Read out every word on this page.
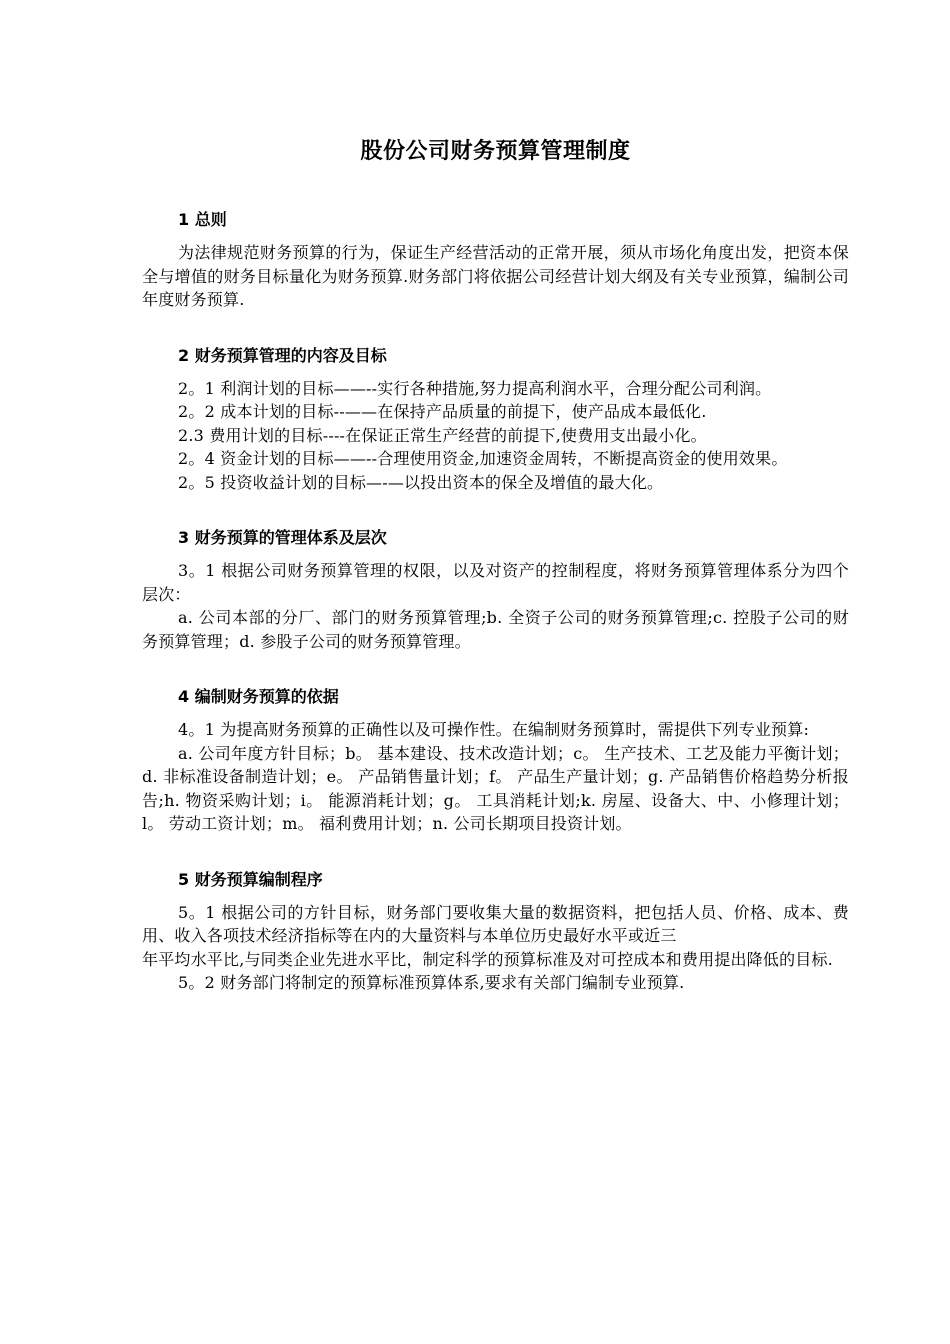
股份公司财务预算管理制度
1 总则

为法律规范财务预算的行为，保证生产经营活动的正常开展，须从市场化角度出发，把资本保全与增值的财务目标量化为财务预算.财务部门将依据公司经营计划大纲及有关专业预算，编制公司年度财务预算.

2 财务预算管理的内容及目标

2。1 利润计划的目标——--实行各种措施,努力提高利润水平，合理分配公司利润。

2。2 成本计划的目标--——在保持产品质量的前提下，使产品成本最低化.

2.3 费用计划的目标----在保证正常生产经营的前提下,使费用支出最小化。

2。4 资金计划的目标——--合理使用资金,加速资金周转，不断提高资金的使用效果。

2。5 投资收益计划的目标—-—以投出资本的保全及增值的最大化。

3 财务预算的管理体系及层次

3。1 根据公司财务预算管理的权限，以及对资产的控制程度，将财务预算管理体系分为四个层次：

a. 公司本部的分厂、部门的财务预算管理;b. 全资子公司的财务预算管理;c. 控股子公司的财务预算管理；d. 参股子公司的财务预算管理。

4 编制财务预算的依据

4。1 为提高财务预算的正确性以及可操作性。在编制财务预算时，需提供下列专业预算:

a. 公司年度方针目标；b。 基本建设、技术改造计划；c。 生产技术、工艺及能力平衡计划；d. 非标准设备制造计划；e。 产品销售量计划；f。 产品生产量计划；g. 产品销售价格趋势分析报告;h. 物资采购计划；i。 能源消耗计划；g。 工具消耗计划;k. 房屋、设备大、中、小修理计划；l。 劳动工资计划；m。 福利费用计划；n. 公司长期项目投资计划。

5 财务预算编制程序

5。1 根据公司的方针目标，财务部门要收集大量的数据资料，把包括人员、价格、成本、费用、收入各项技术经济指标等在内的大量资料与本单位历史最好水平或近三

年平均水平比,与同类企业先进水平比，制定科学的预算标准及对可控成本和费用提出降低的目标.

5。2 财务部门将制定的预算标准预算体系,要求有关部门编制专业预算.
